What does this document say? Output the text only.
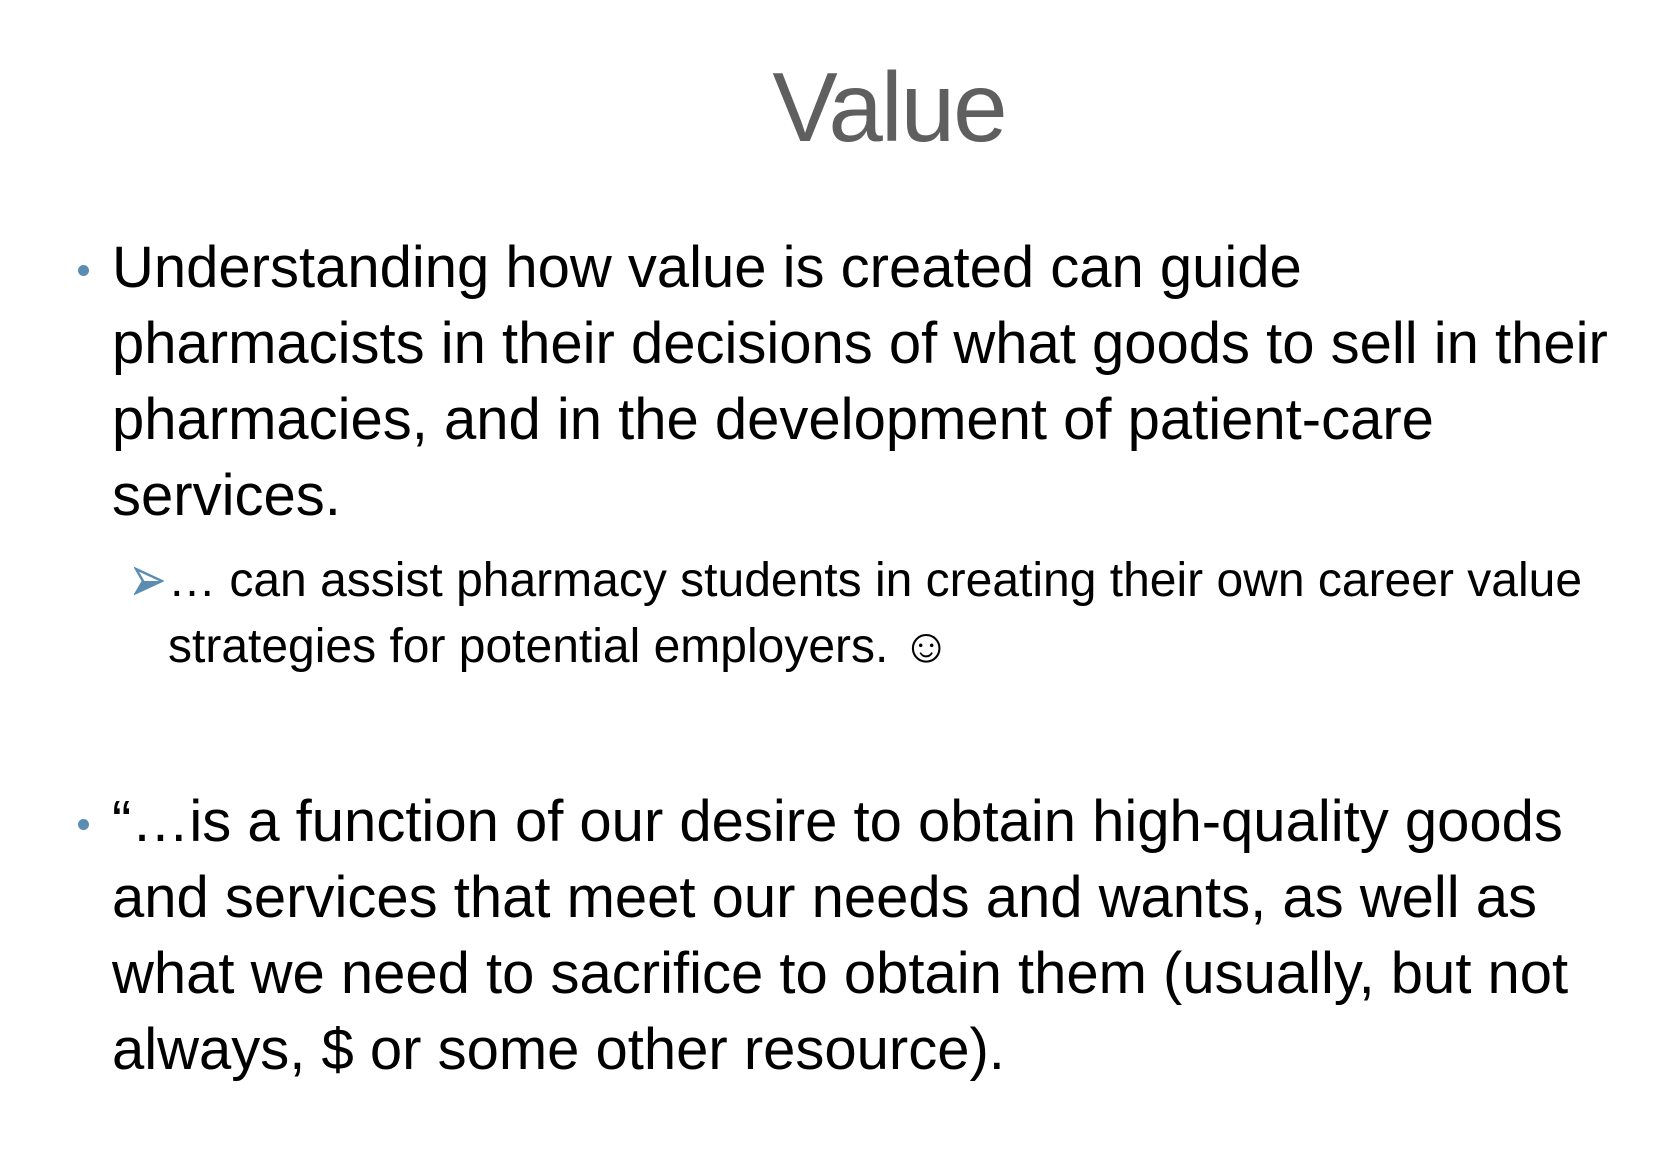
Value
Understanding how value is created can guide pharmacists in their decisions of what goods to sell in their pharmacies, and in the development of patient-care services.
… can assist pharmacy students in creating their own career value strategies for potential employers. ☺
“…is a function of our desire to obtain high-quality goods and services that meet our needs and wants, as well as what we need to sacrifice to obtain them (usually, but not always, $ or some other resource).
